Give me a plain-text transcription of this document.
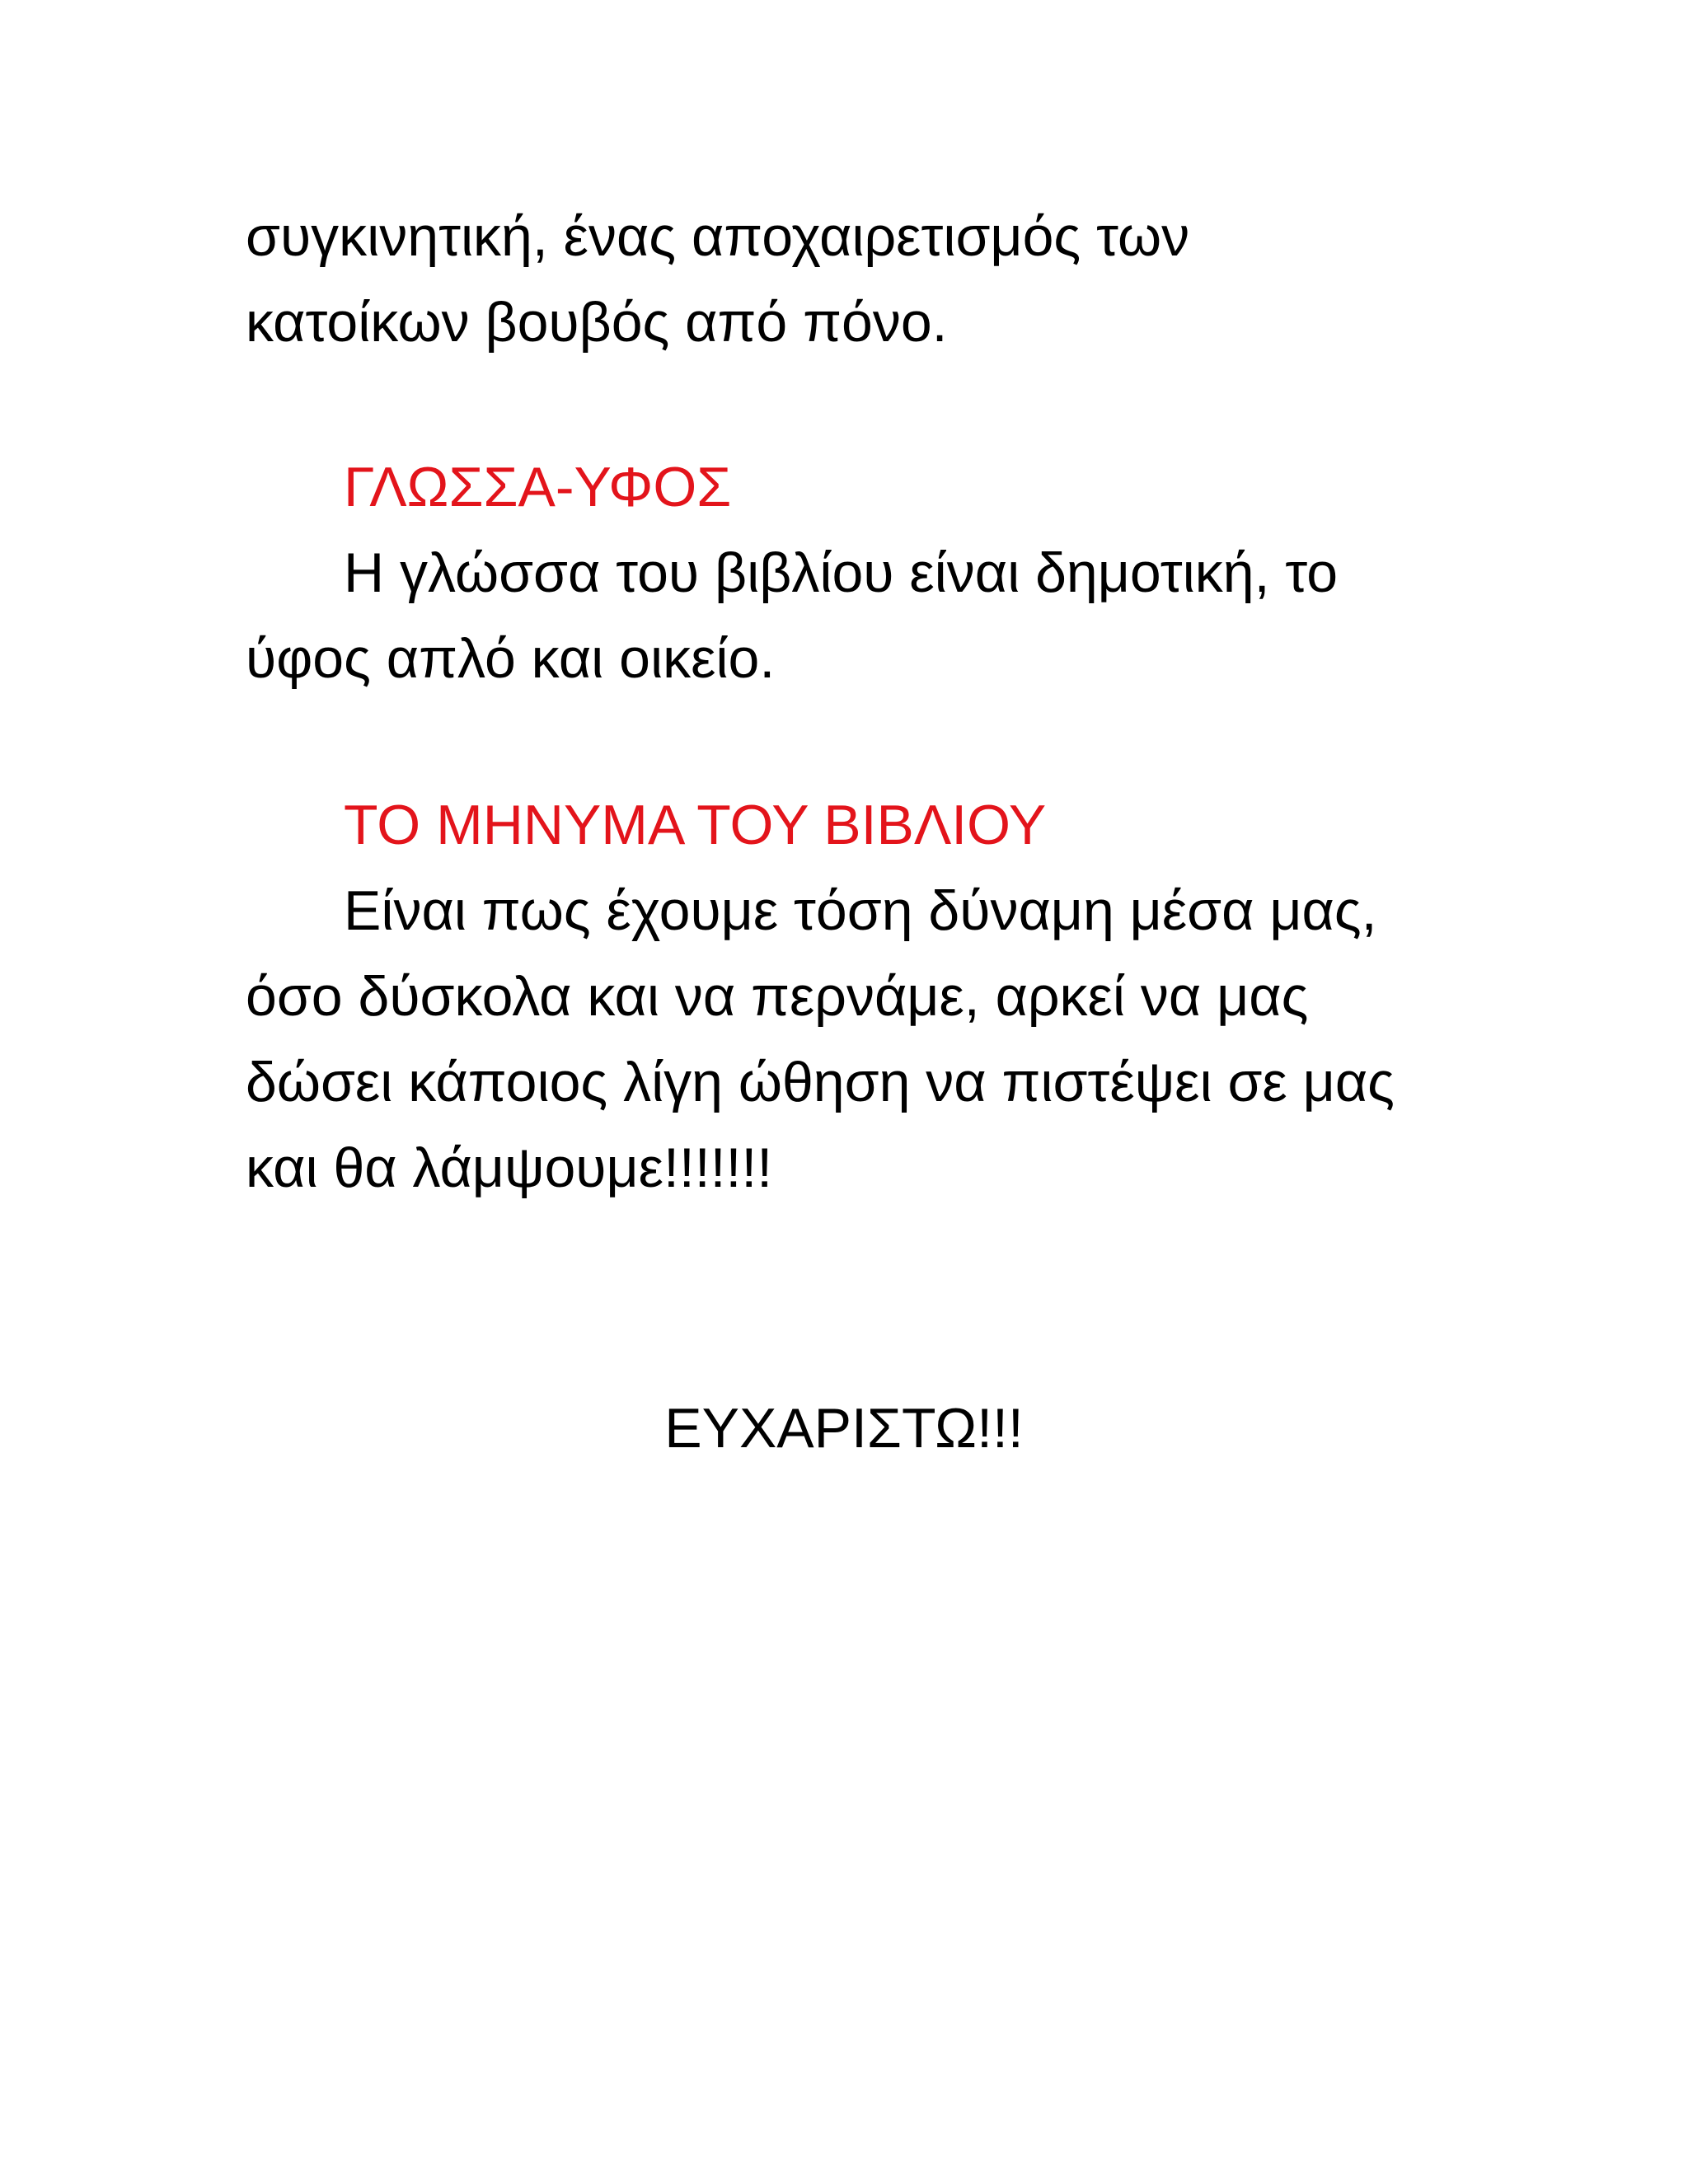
συγκινητική, ένας αποχαιρετισμός των
κατοίκων βουβός από πόνο.
ΓΛΩΣΣΑ-ΥΦΟΣ
Η γλώσσα του βιβλίου είναι δημοτική, το
ύφος απλό και οικείο.
ΤΟ ΜΗΝΥΜΑ ΤΟΥ ΒΙΒΛΙΟΥ
Είναι πως έχουμε τόση δύναμη μέσα μας,
όσο δύσκολα και να περνάμε, αρκεί να μας
δώσει κάποιος λίγη ώθηση να πιστέψει σε μας
και θα λάμψουμε!!!!!!!
ΕΥΧΑΡΙΣΤΩ!!!
